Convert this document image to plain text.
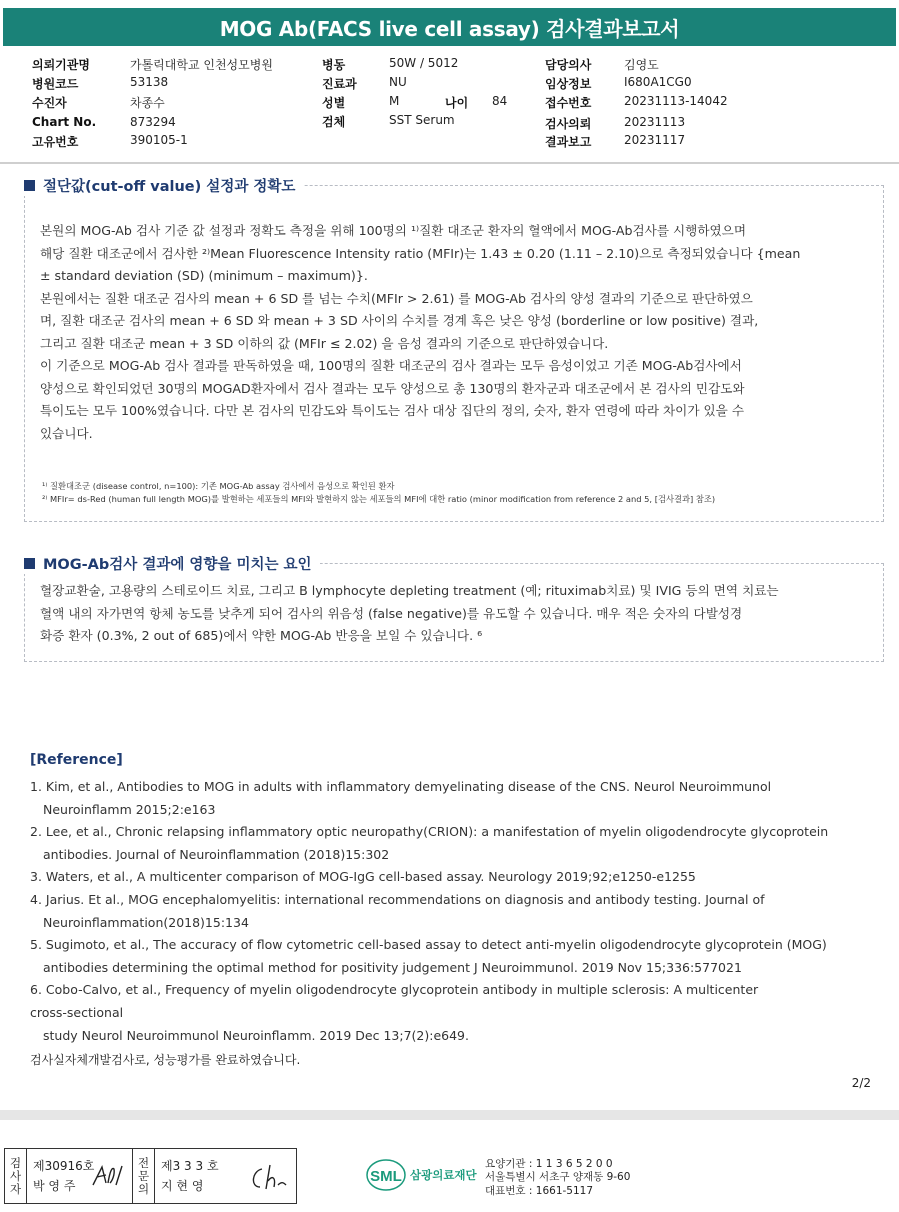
MOG Ab(FACS live cell assay) 검사결과보고서
의뢰기관명	가톨릭대학교 인천성모병원
병원코드	53138
수진자	차종수
Chart No.	873294
고유번호	390105-1
병동	50W / 5012
진료과	NU
성별	M	나이 84
검체	SST Serum
담당의사	김영도
임상정보	I680A1CG0
접수번호	20231113-14042
검사의뢰	20231113
결과보고	20231117
절단값(cut-off value) 설정과 정확도
본원의 MOG-Ab 검사 기준 값 설정과 정확도 측정을 위해 100명의 ¹⁾질환 대조군 환자의 혈액에서 MOG-Ab검사를 시행하였으며
해당 질환 대조군에서 검사한 ²⁾Mean Fluorescence Intensity ratio (MFIr)는 1.43 ± 0.20 (1.11 – 2.10)으로 측정되었습니다 {mean
± standard deviation (SD) (minimum – maximum)}.
본원에서는 질환 대조군 검사의 mean + 6 SD 를 넘는 수치(MFIr > 2.61) 를 MOG-Ab 검사의 양성 결과의 기준으로 판단하였으
며, 질환 대조군 검사의 mean + 6 SD 와 mean + 3 SD 사이의 수치를 경계 혹은 낮은 양성 (borderline or low positive) 결과,
그리고 질환 대조군 mean + 3 SD 이하의 값 (MFIr ≤ 2.02) 을 음성 결과의 기준으로 판단하였습니다.
이 기준으로 MOG-Ab 검사 결과를 판독하였을 때, 100명의 질환 대조군의 검사 결과는 모두 음성이었고 기존 MOG-Ab검사에서
양성으로 확인되었던 30명의 MOGAD환자에서 검사 결과는 모두 양성으로 총 130명의 환자군과 대조군에서 본 검사의 민감도와
특이도는 모두 100%였습니다. 다만 본 검사의 민감도와 특이도는 검사 대상 집단의 정의, 숫자, 환자 연령에 따라 차이가 있을 수
있습니다.
¹⁾ 질환대조군 (disease control, n=100): 기존 MOG-Ab assay 검사에서 음성으로 확인된 환자
²⁾ MFIr= ds-Red (human full length MOG)를 발현하는 세포들의 MFI와 발현하지 않는 세포들의 MFI에 대한 ratio (minor modification from reference 2 and 5, [검사결과] 참조)
MOG-Ab검사 결과에 영향을 미치는 요인
혈장교환술, 고용량의 스테로이드 치료, 그리고 B lymphocyte depleting treatment (예; rituximab치료) 및 IVIG 등의 면역 치료는
혈액 내의 자가면역 항체 농도를 낮추게 되어 검사의 위음성 (false negative)를 유도할 수 있습니다. 매우 적은 숫자의 다발성경
화증 환자 (0.3%, 2 out of 685)에서 약한 MOG-Ab 반응을 보일 수 있습니다. ⁶
[Reference]
1. Kim, et al., Antibodies to MOG in adults with inflammatory demyelinating disease of the CNS. Neurol Neuroimmunol
Neuroinflamm 2015;2:e163
2. Lee, et al., Chronic relapsing inflammatory optic neuropathy(CRION): a manifestation of myelin oligodendrocyte glycoprotein
antibodies. Journal of Neuroinflammation (2018)15:302
3. Waters, et al., A multicenter comparison of MOG-IgG cell-based assay. Neurology 2019;92;e1250-e1255
4. Jarius. Et al., MOG encephalomyelitis: international recommendations on diagnosis and antibody testing. Journal of
Neuroinflammation(2018)15:134
5. Sugimoto, et al., The accuracy of flow cytometric cell-based assay to detect anti-myelin oligodendrocyte glycoprotein (MOG)
antibodies determining the optimal method for positivity judgement J Neuroimmunol. 2019 Nov 15;336:577021
6. Cobo-Calvo, et al., Frequency of myelin oligodendrocyte glycoprotein antibody in multiple sclerosis: A multicenter
cross-sectional
study Neurol Neuroimmunol Neuroinflamm. 2019 Dec 13;7(2):e649.
검사실자체개발검사로, 성능평가를 완료하였습니다.
2/2
검
사
자
제30916호
박 영 주
전
문
의
제3 3 3 호
지 현 영
SML 삼광의료재단
요양기관 : 1 1 3 6 5 2 0 0
서울특별시 서초구 양재동 9-60
대표번호 : 1661-5117
